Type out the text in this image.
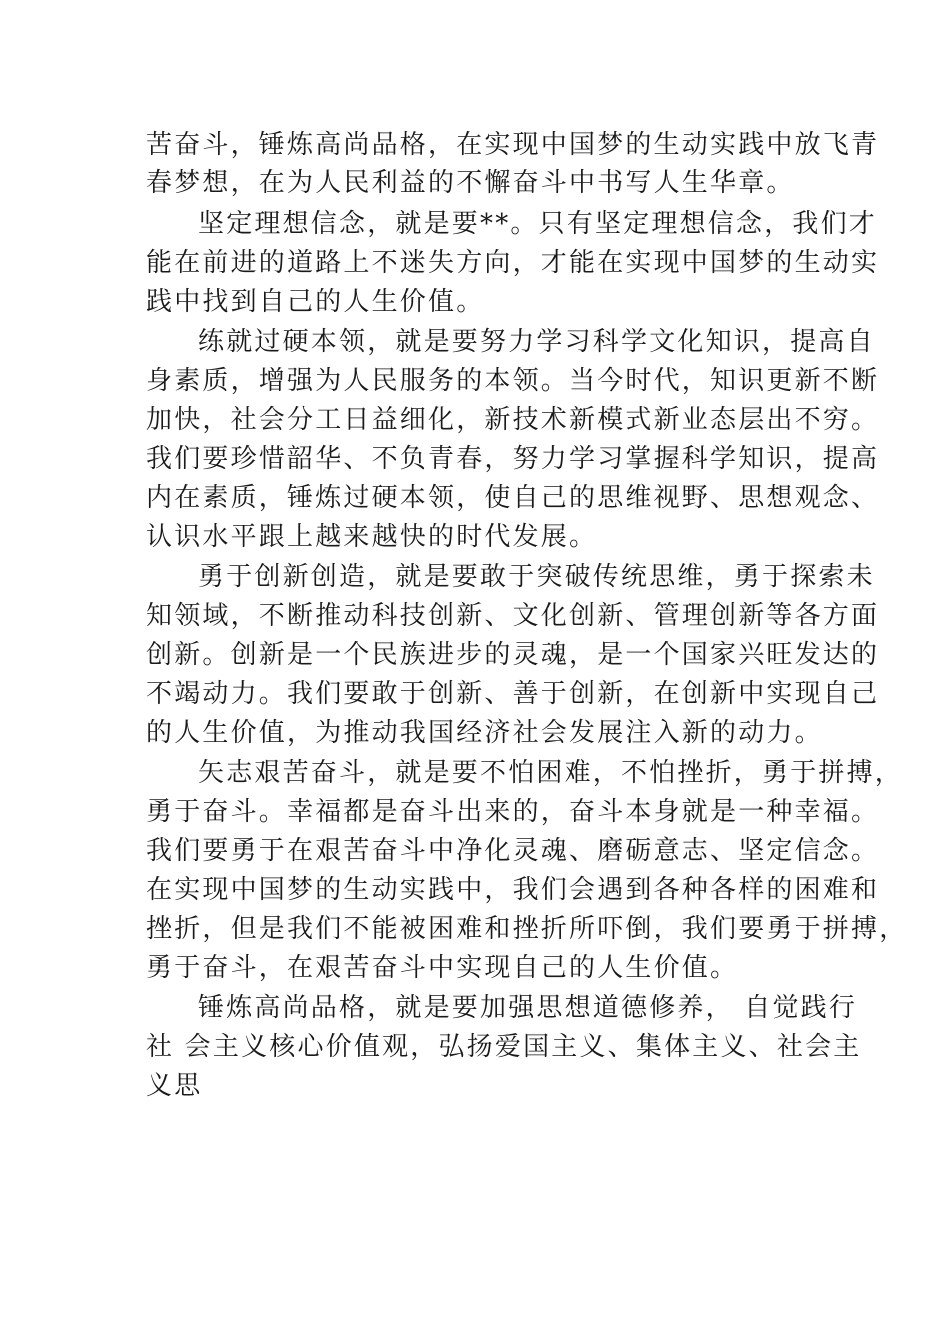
苦奋斗，锤炼高尚品格，在实现中国梦的生动实践中放飞青
春梦想，在为人民利益的不懈奋斗中书写人生华章。
坚定理想信念，就是要**。只有坚定理想信念，我们才
能在前进的道路上不迷失方向，才能在实现中国梦的生动实
践中找到自己的人生价值。
练就过硬本领，就是要努力学习科学文化知识，提高自
身素质，增强为人民服务的本领。当今时代，知识更新不断
加快，社会分工日益细化，新技术新模式新业态层出不穷。
我们要珍惜韶华、不负青春，努力学习掌握科学知识，提高
内在素质，锤炼过硬本领，使自己的思维视野、思想观念、
认识水平跟上越来越快的时代发展。
勇于创新创造，就是要敢于突破传统思维，勇于探索未
知领域，不断推动科技创新、文化创新、管理创新等各方面
创新。创新是一个民族进步的灵魂，是一个国家兴旺发达的
不竭动力。我们要敢于创新、善于创新，在创新中实现自己
的人生价值，为推动我国经济社会发展注入新的动力。
矢志艰苦奋斗，就是要不怕困难，不怕挫折，勇于拼搏，
勇于奋斗。幸福都是奋斗出来的，奋斗本身就是一种幸福。
我们要勇于在艰苦奋斗中净化灵魂、磨砺意志、坚定信念。
在实现中国梦的生动实践中，我们会遇到各种各样的困难和
挫折，但是我们不能被困难和挫折所吓倒，我们要勇于拼搏，
勇于奋斗，在艰苦奋斗中实现自己的人生价值。
锤炼高尚品格，就是要加强思想道德修养， 自觉践行
社 会主义核心价值观，弘扬爱国主义、集体主义、社会主
义思
